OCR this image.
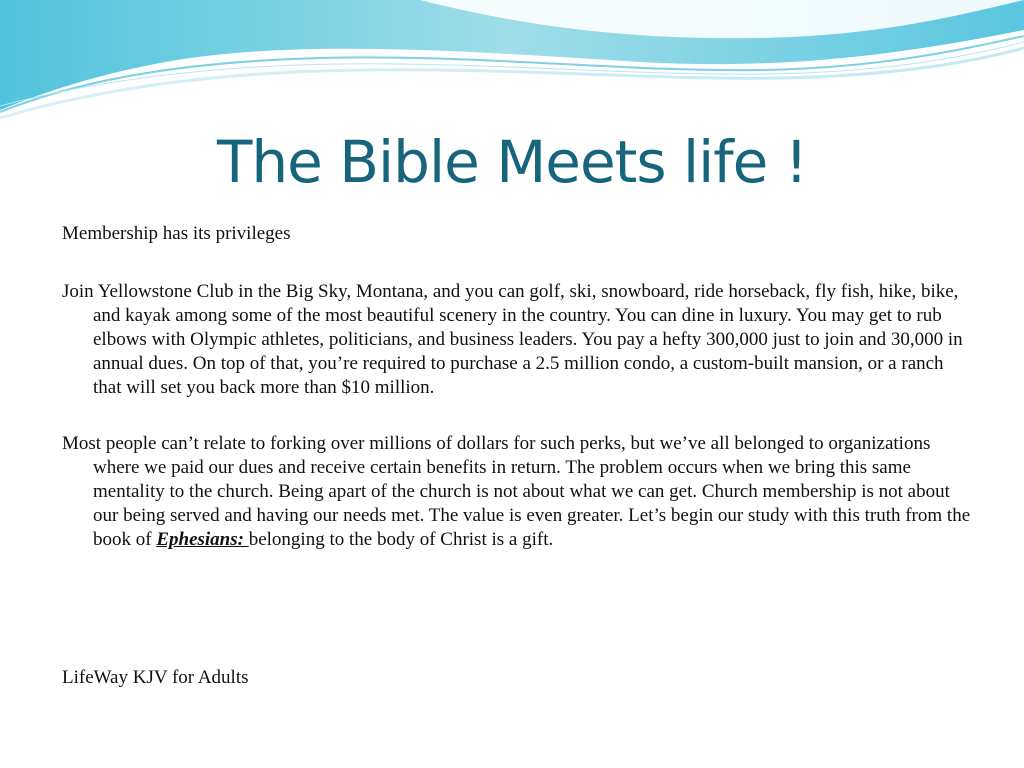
The Bible Meets life !

Membership has its privileges

Join Yellowstone Club in the Big Sky, Montana, and you can golf, ski, snowboard, ride horseback, fly fish, hike, bike, and kayak among some of the most beautiful scenery in the country. You can dine in luxury. You may get to rub elbows with Olympic athletes, politicians, and business leaders. You pay a hefty 300,000 just to join and 30,000 in annual dues. On top of that, you’re required to purchase a 2.5 million condo, a custom-built mansion, or a ranch that will set you back more than $10 million.

Most people can’t relate to forking over millions of dollars for such perks, but we’ve all belonged to organizations where we paid our dues and receive certain benefits in return. The problem occurs when we bring this same mentality to the church. Being apart of the church is not about what we can get. Church membership is not about our being served and having our needs met. The value is even greater. Let’s begin our study with this truth from the book of Ephesians: belonging to the body of Christ is a gift.

LifeWay KJV for Adults
